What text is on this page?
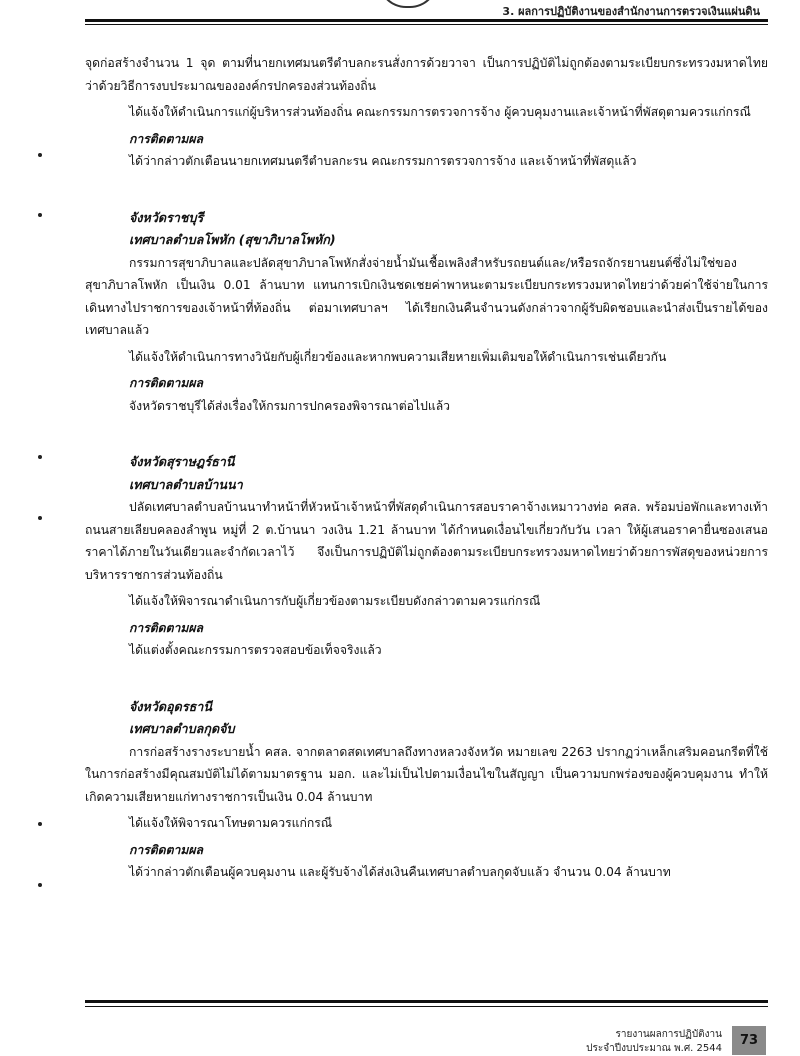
3. ผลการปฏิบัติงานของสำนักงานการตรวจเงินแผ่นดิน

จุดก่อสร้างจำนวน 1 จุด ตามที่นายกเทศมนตรีตำบลกะรนสั่งการด้วยวาจา เป็นการปฏิบัติไม่ถูกต้องตามระเบียบกระทรวงมหาดไทยว่าด้วยวิธีการงบประมาณขององค์กรปกครองส่วนท้องถิ่น

ได้แจ้งให้ดำเนินการแก่ผู้บริหารส่วนท้องถิ่น คณะกรรมการตรวจการจ้าง ผู้ควบคุมงานและเจ้าหน้าที่พัสดุตามควรแก่กรณี

การติดตามผล

ได้ว่ากล่าวตักเตือนนายกเทศมนตรีตำบลกะรน คณะกรรมการตรวจการจ้าง และเจ้าหน้าที่พัสดุแล้ว

จังหวัดราชบุรี

เทศบาลตำบลโพหัก (สุขาภิบาลโพหัก)

กรรมการสุขาภิบาลและปลัดสุขาภิบาลโพหักสั่งจ่ายน้ำมันเชื้อเพลิงสำหรับรถยนต์และ/หรือรถจักรยานยนต์ซึ่งไม่ใช่ของสุขาภิบาลโพหัก เป็นเงิน 0.01 ล้านบาท แทนการเบิกเงินชดเชยค่าพาหนะตามระเบียบกระทรวงมหาดไทยว่าด้วยค่าใช้จ่ายในการเดินทางไปราชการของเจ้าหน้าที่ท้องถิ่น ต่อมาเทศบาลฯ ได้เรียกเงินคืนจำนวนดังกล่าวจากผู้รับผิดชอบและนำส่งเป็นรายได้ของเทศบาลแล้ว

ได้แจ้งให้ดำเนินการทางวินัยกับผู้เกี่ยวข้องและหากพบความเสียหายเพิ่มเติมขอให้ดำเนินการเช่นเดียวกัน

การติดตามผล

จังหวัดราชบุรีได้ส่งเรื่องให้กรมการปกครองพิจารณาต่อไปแล้ว

จังหวัดสุราษฎร์ธานี

เทศบาลตำบลบ้านนา

ปลัดเทศบาลตำบลบ้านนาทำหน้าที่หัวหน้าเจ้าหน้าที่พัสดุดำเนินการสอบราคาจ้างเหมาวางท่อ คสล. พร้อมบ่อพักและทางเท้า ถนนสายเลียบคลองลำพูน หมู่ที่ 2 ต.บ้านนา วงเงิน 1.21 ล้านบาท ได้กำหนดเงื่อนไขเกี่ยวกับวัน เวลา ให้ผู้เสนอราคายื่นซองเสนอราคาได้ภายในวันเดียวและจำกัดเวลาไว้ จึงเป็นการปฏิบัติไม่ถูกต้องตามระเบียบกระทรวงมหาดไทยว่าด้วยการพัสดุของหน่วยการบริหารราชการส่วนท้องถิ่น

ได้แจ้งให้พิจารณาดำเนินการกับผู้เกี่ยวข้องตามระเบียบดังกล่าวตามควรแก่กรณี

การติดตามผล

ได้แต่งตั้งคณะกรรมการตรวจสอบข้อเท็จจริงแล้ว

จังหวัดอุดรธานี

เทศบาลตำบลกุดจับ

การก่อสร้างรางระบายน้ำ คสล. จากตลาดสดเทศบาลถึงทางหลวงจังหวัด หมายเลข 2263 ปรากฏว่าเหล็กเสริมคอนกรีตที่ใช้ในการก่อสร้างมีคุณสมบัติไม่ได้ตามมาตรฐาน มอก. และไม่เป็นไปตามเงื่อนไขในสัญญา เป็นความบกพร่องของผู้ควบคุมงาน ทำให้เกิดความเสียหายแก่ทางราชการเป็นเงิน 0.04 ล้านบาท

ได้แจ้งให้พิจารณาโทษตามควรแก่กรณี

การติดตามผล

ได้ว่ากล่าวตักเตือนผู้ควบคุมงาน และผู้รับจ้างได้ส่งเงินคืนเทศบาลตำบลกุดจับแล้ว จำนวน 0.04 ล้านบาท

รายงานผลการปฏิบัติงาน
ประจำปีงบประมาณ พ.ศ. 2544
73
